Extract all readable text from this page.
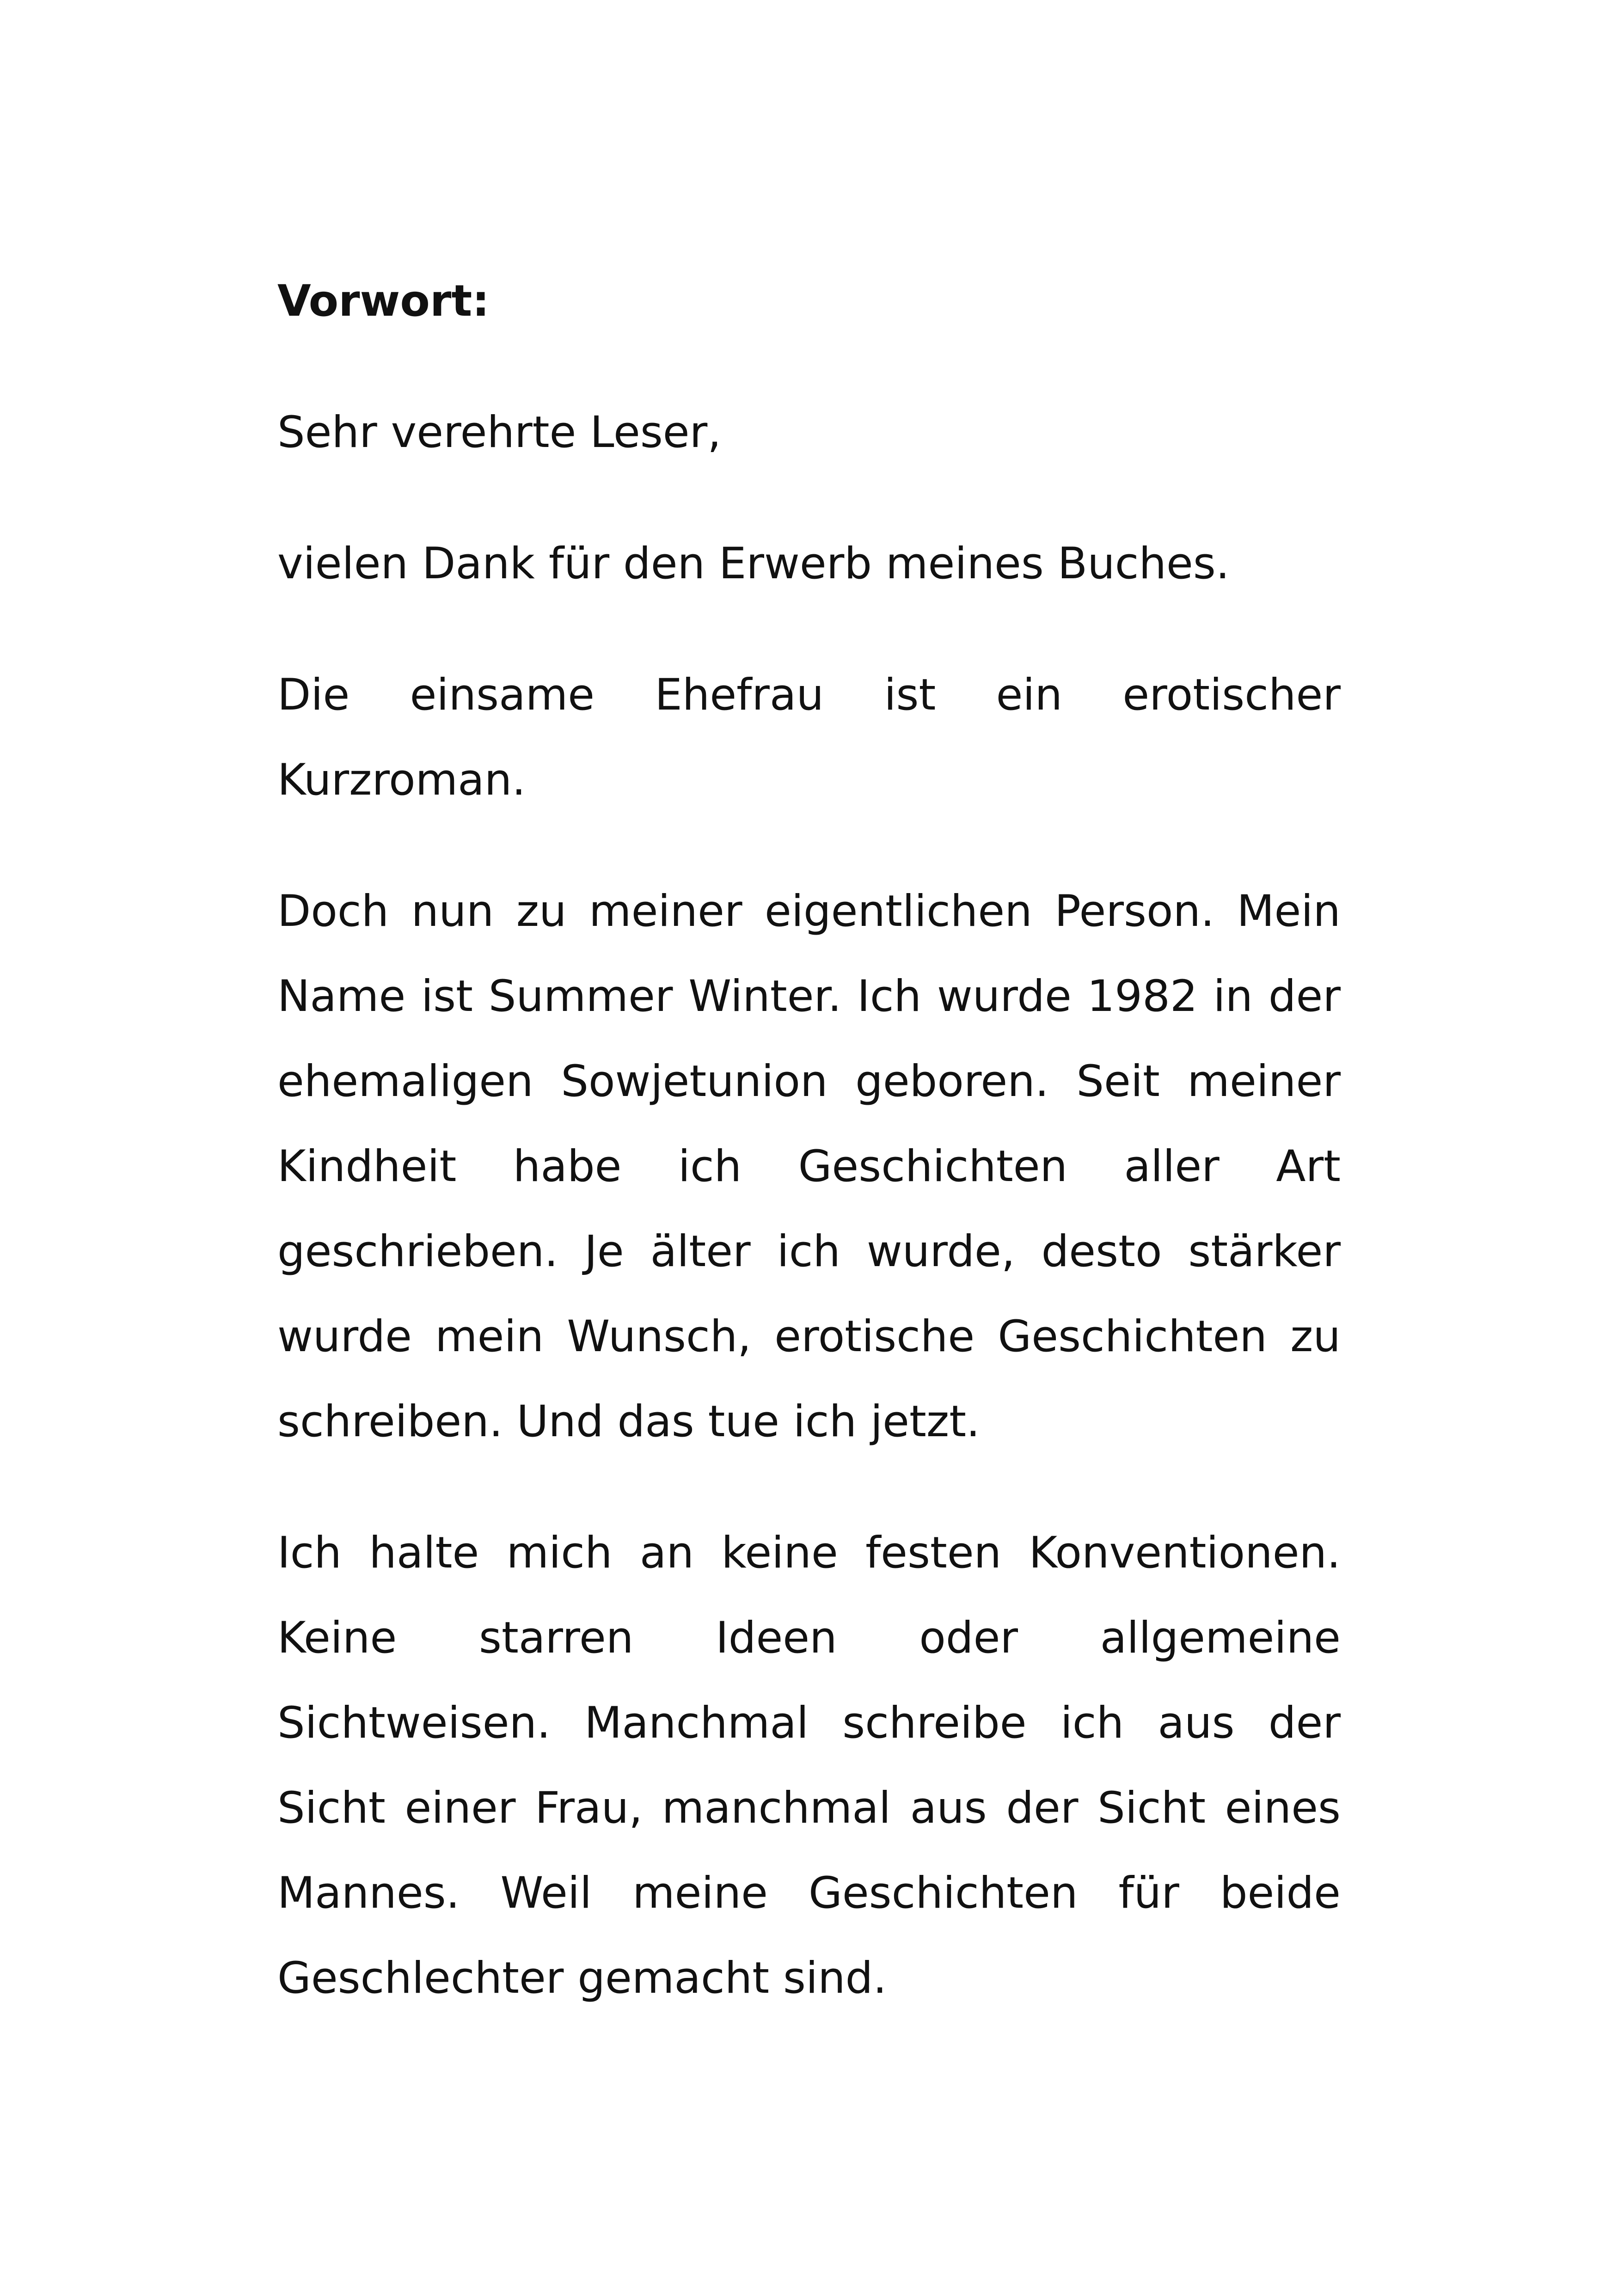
Vorwort:

Sehr verehrte Leser,

vielen Dank für den Erwerb meines Buches.

Die einsame Ehefrau ist ein erotischer Kurzroman.

Doch nun zu meiner eigentlichen Person. Mein Name ist Summer Winter. Ich wurde 1982 in der ehemaligen Sowjetunion geboren. Seit meiner Kindheit habe ich Geschichten aller Art geschrieben. Je älter ich wurde, desto stärker wurde mein Wunsch, erotische Geschichten zu schreiben. Und das tue ich jetzt.

Ich halte mich an keine festen Konventionen. Keine starren Ideen oder allgemeine Sichtweisen. Manchmal schreibe ich aus der Sicht einer Frau, manchmal aus der Sicht eines Mannes. Weil meine Geschichten für beide Geschlechter gemacht sind.
